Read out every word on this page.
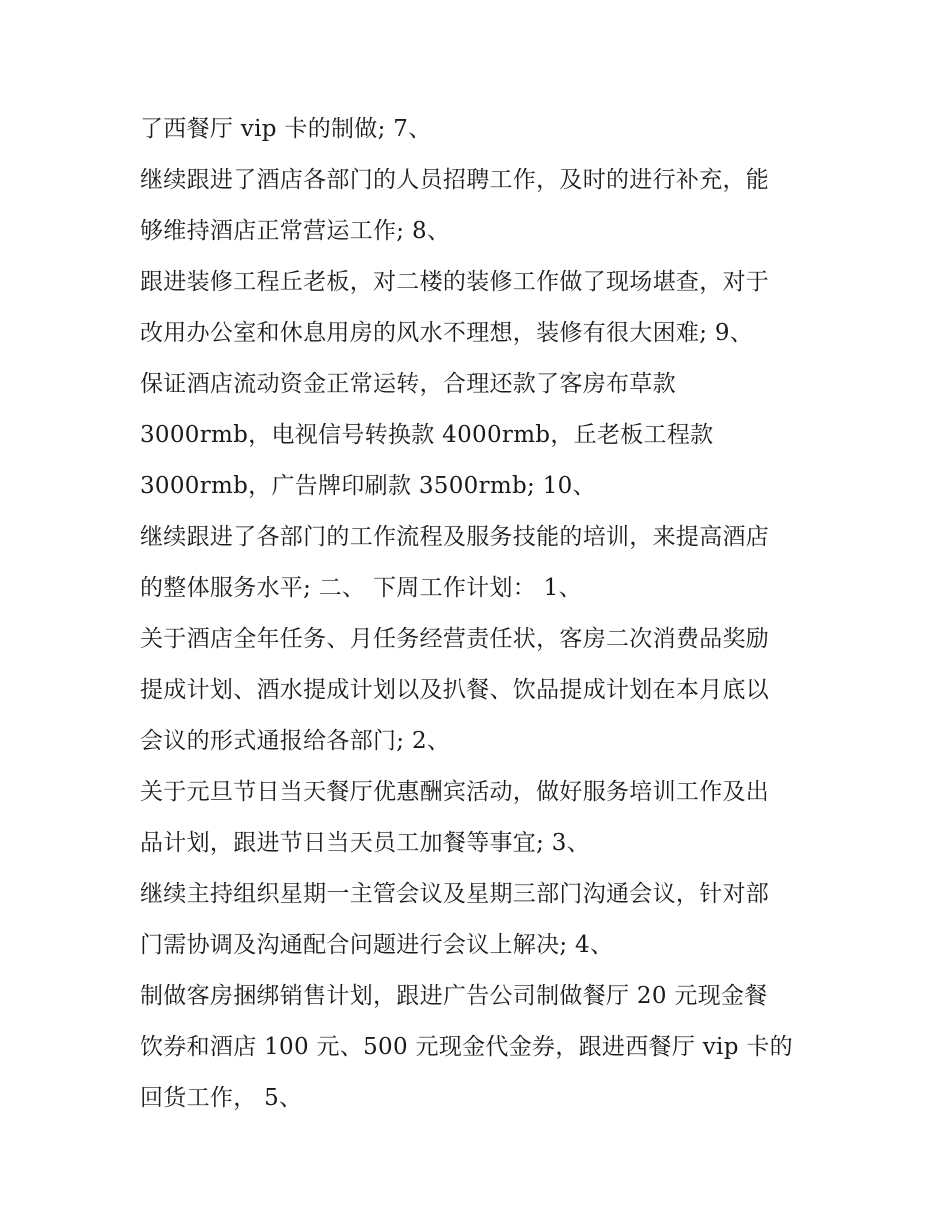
了西餐厅 vip 卡的制做; 7、
继续跟进了酒店各部门的人员招聘工作，及时的进行补充，能
够维持酒店正常营运工作; 8、
跟进装修工程丘老板，对二楼的装修工作做了现场堪查，对于
改用办公室和休息用房的风水不理想，装修有很大困难; 9、
保证酒店流动资金正常运转，合理还款了客房布草款
3000rmb，电视信号转换款 4000rmb，丘老板工程款
3000rmb，广告牌印刷款 3500rmb; 10、
继续跟进了各部门的工作流程及服务技能的培训，来提高酒店
的整体服务水平; 二、 下周工作计划： 1、
关于酒店全年任务、月任务经营责任状，客房二次消费品奖励
提成计划、酒水提成计划以及扒餐、饮品提成计划在本月底以
会议的形式通报给各部门; 2、
关于元旦节日当天餐厅优惠酬宾活动，做好服务培训工作及出
品计划，跟进节日当天员工加餐等事宜; 3、
继续主持组织星期一主管会议及星期三部门沟通会议，针对部
门需协调及沟通配合问题进行会议上解决; 4、
制做客房捆绑销售计划，跟进广告公司制做餐厅 20 元现金餐
饮券和酒店 100 元、500 元现金代金券，跟进西餐厅 vip 卡的
回货工作， 5、
